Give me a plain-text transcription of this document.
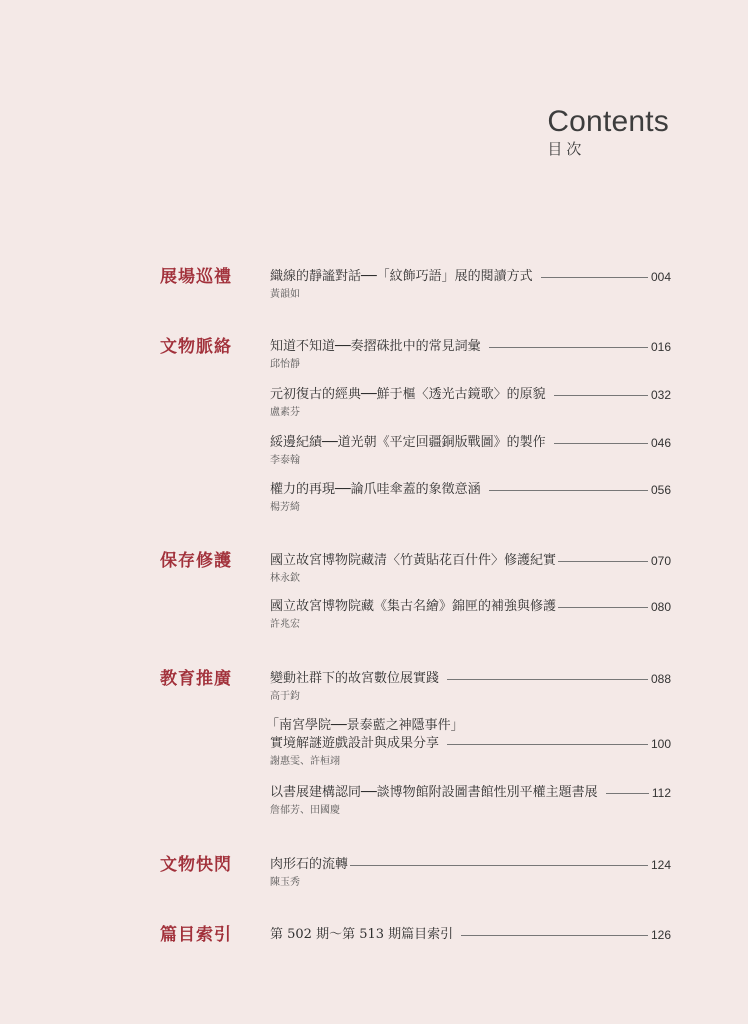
Contents
目次
展場巡禮	織線的靜謐對話──「紋飾巧語」展的閱讀方式	004
黃韻如
文物脈絡	知道不知道──奏摺硃批中的常見詞彙	016
邱怡靜
元初復古的經典──鮮于樞〈透光古鏡歌〉的原貌	032
盧素芬
綏邊紀績──道光朝《平定回疆銅版戰圖》的製作	046
李泰翰
權力的再現──論爪哇傘蓋的象徵意涵	056
楊芳綺
保存修護	國立故宮博物院藏清〈竹黃貼花百什件〉修護紀實	070
林永欽
國立故宮博物院藏《集古名繪》錦匣的補強與修護	080
許兆宏
教育推廣	變動社群下的故宮數位展實踐	088
高于鈞
「南宮學院──景泰藍之神隱事件」
實境解謎遊戲設計與成果分享	100
謝惠雯、許桓翊
以書展建構認同──談博物館附設圖書館性別平權主題書展	112
詹郁芳、田國慶
文物快閃	肉形石的流轉	124
陳玉秀
篇目索引	第 502 期～第 513 期篇目索引	126
